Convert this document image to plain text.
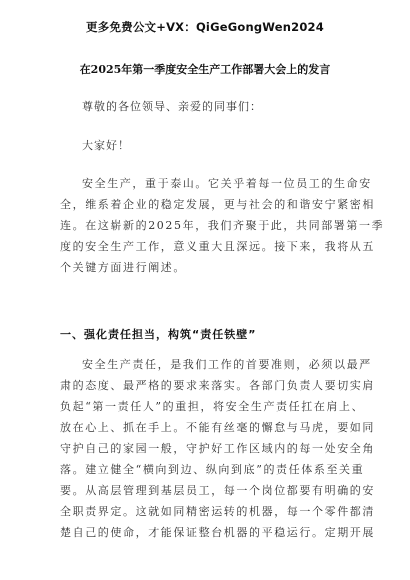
更多免费公文+VX：QiGeGongWen2024
在2025年第一季度安全生产工作部署大会上的发言
尊敬的各位领导、亲爱的同事们：
大家好！
安全生产，重于泰山。它关乎着每一位员工的生命安
全，维系着企业的稳定发展，更与社会的和谐安宁紧密相
连。在这崭新的2025年，我们齐聚于此，共同部署第一季
度的安全生产工作，意义重大且深远。接下来，我将从五
个关键方面进行阐述。
一、强化责任担当，构筑“责任铁壁”
安全生产责任，是我们工作的首要准则，必须以最严
肃的态度、最严格的要求来落实。各部门负责人要切实肩
负起“第一责任人”的重担，将安全生产责任扛在肩上、
放在心上、抓在手上。不能有丝毫的懈怠与马虎，要如同
守护自己的家园一般，守护好工作区域内的每一处安全角
落。建立健全“横向到边、纵向到底”的责任体系至关重
要。从高层管理到基层员工，每一个岗位都要有明确的安
全职责界定。这就如同精密运转的机器，每一个零件都清
楚自己的使命，才能保证整台机器的平稳运行。定期开展
